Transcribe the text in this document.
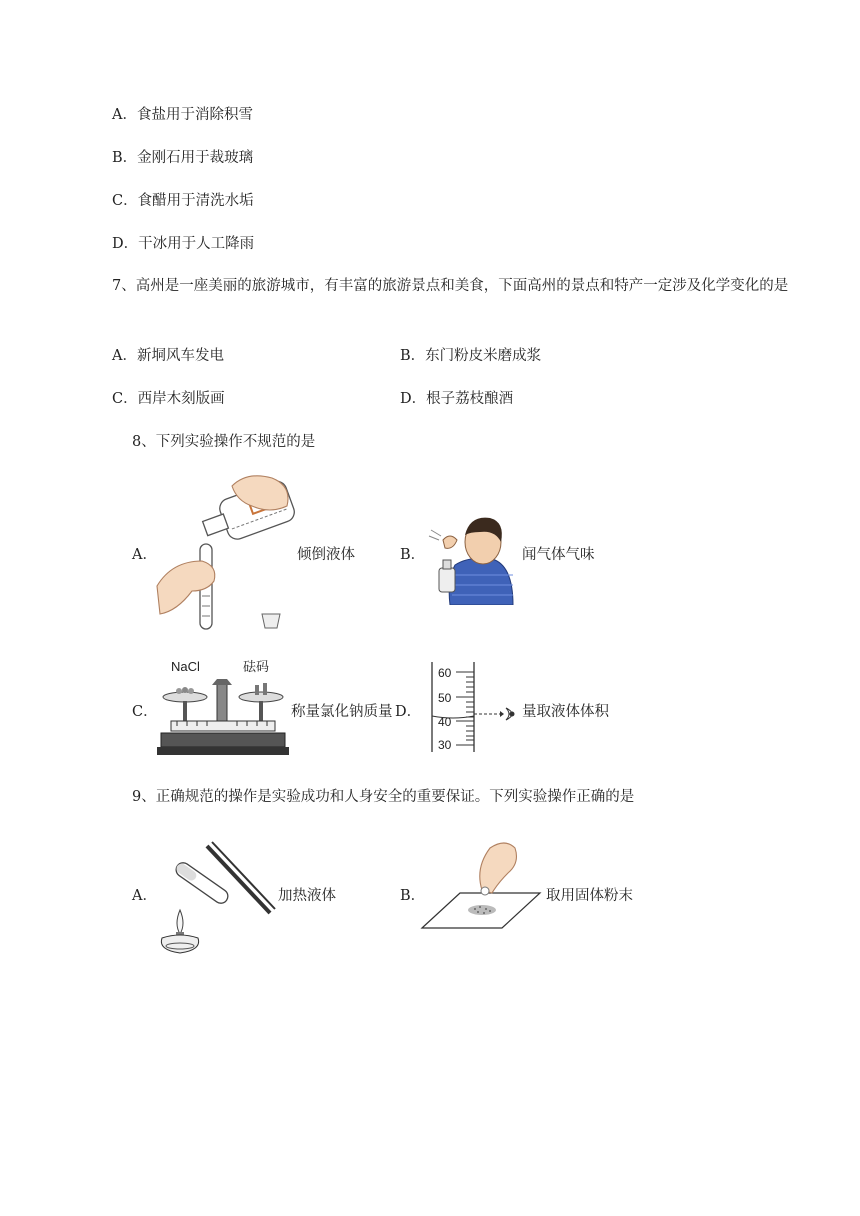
A．食盐用于消除积雪
B．金刚石用于裁玻璃
C．食醋用于清洗水垢
D．干冰用于人工降雨
7、高州是一座美丽的旅游城市，有丰富的旅游景点和美食，下面高州的景点和特产一定涉及化学变化的是
A．新垌风车发电	B．东门粉皮米磨成浆
C．西岸木刻版画	D．根子荔枝酿酒
8、下列实验操作不规范的是
A．	倾倒液体	B．	闻气体气味
C．
NaCl	砝码
称量氯化钠质量 D．
60
50
40
30
量取液体体积
9、正确规范的操作是实验成功和人身安全的重要保证。下列实验操作正确的是
A．	加热液体	B．	取用固体粉末
